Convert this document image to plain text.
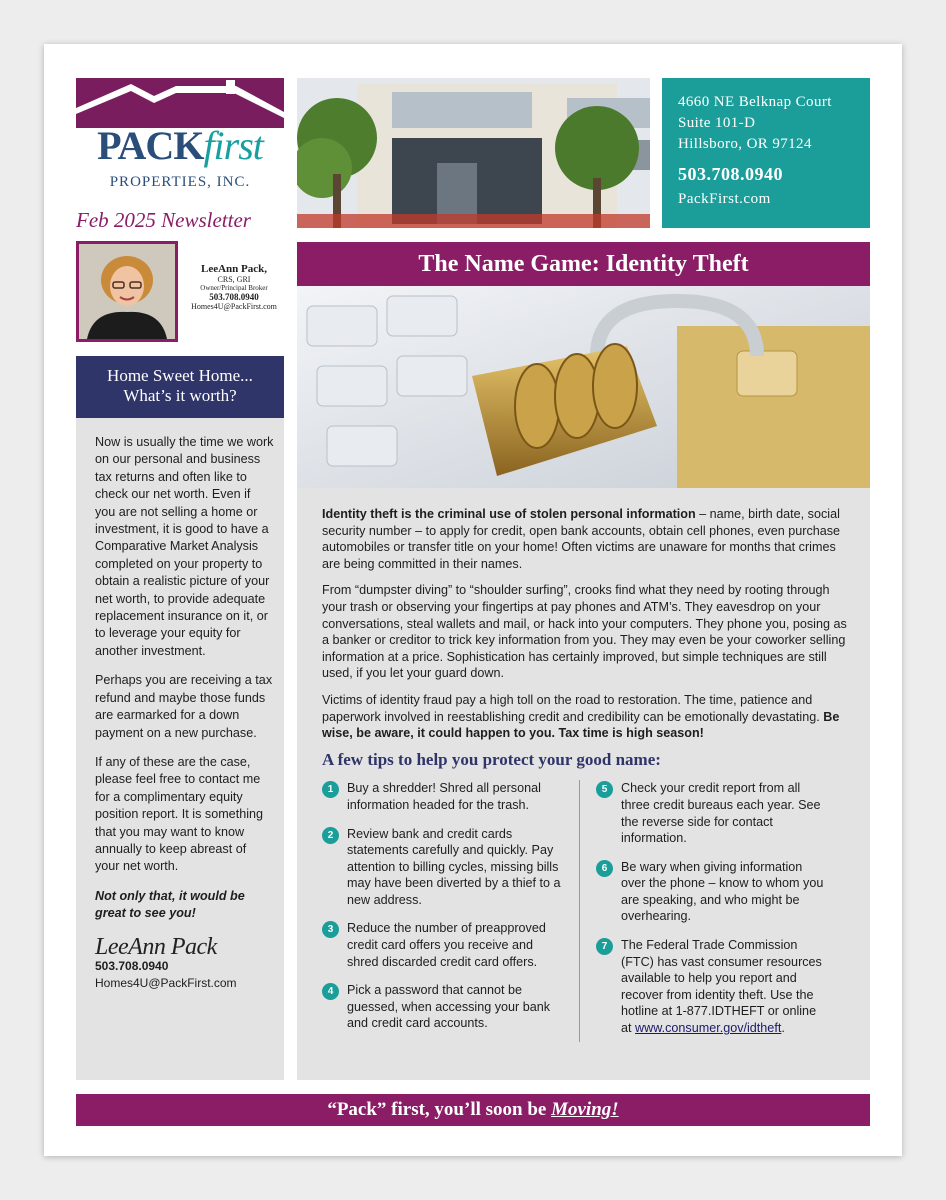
PACKfirst
PROPERTIES, INC.
Feb 2025 Newsletter
LeeAnn Pack,
CRS, GRI
Owner/Principal Broker
503.708.0940
Homes4U@PackFirst.com
4660 NE Belknap Court
Suite 101-D
Hillsboro, OR 97124
503.708.0940
PackFirst.com
Home Sweet Home...
What’s it worth?

Now is usually the time we work on our personal and business tax returns and often like to check our net worth. Even if you are not selling a home or investment, it is good to have a Comparative Market Analysis completed on your property to obtain a realistic picture of your net worth, to provide adequate replacement insurance on it, or to leverage your equity for another investment.

Perhaps you are receiving a tax refund and maybe those funds are earmarked for a down payment on a new purchase.

If any of these are the case, please feel free to contact me for a complimentary equity position report. It is something that you may want to know annually to keep abreast of your net worth.

Not only that, it would be great to see you!

LeeAnn Pack
503.708.0940
Homes4U@PackFirst.com
The Name Game: Identity Theft

Identity theft is the criminal use of stolen personal information – name, birth date, social security number – to apply for credit, open bank accounts, obtain cell phones, even purchase automobiles or transfer title on your home! Often victims are unaware for months that crimes are being committed in their names.

From “dumpster diving” to “shoulder surfing”, crooks find what they need by rooting through your trash or observing your fingertips at pay phones and ATM’s. They eavesdrop on your conversations, steal wallets and mail, or hack into your computers. They phone you, posing as a banker or creditor to trick key information from you. They may even be your coworker selling information at a price. Sophistication has certainly improved, but simple techniques are still used, if you let your guard down.

Victims of identity fraud pay a high toll on the road to restoration. The time, patience and paperwork involved in reestablishing credit and credibility can be emotionally devastating. Be wise, be aware, it could happen to you. Tax time is high season!

A few tips to help you protect your good name:
1	Buy a shredder! Shred all personal information headed for the trash.
2	Review bank and credit cards statements carefully and quickly. Pay attention to billing cycles, missing bills may have been diverted by a thief to a new address.
3	Reduce the number of preapproved credit card offers you receive and shred discarded credit card offers.
4	Pick a password that cannot be guessed, when accessing your bank and credit card accounts.
5	Check your credit report from all three credit bureaus each year. See the reverse side for contact information.
6	Be wary when giving information over the phone – know to whom you are speaking, and who might be overhearing.
7	The Federal Trade Commission (FTC) has vast consumer resources available to help you report and recover from identity theft. Use the hotline at 1-877.IDTHEFT or online at www.consumer.gov/idtheft.
“Pack” first, you’ll soon be Moving!
